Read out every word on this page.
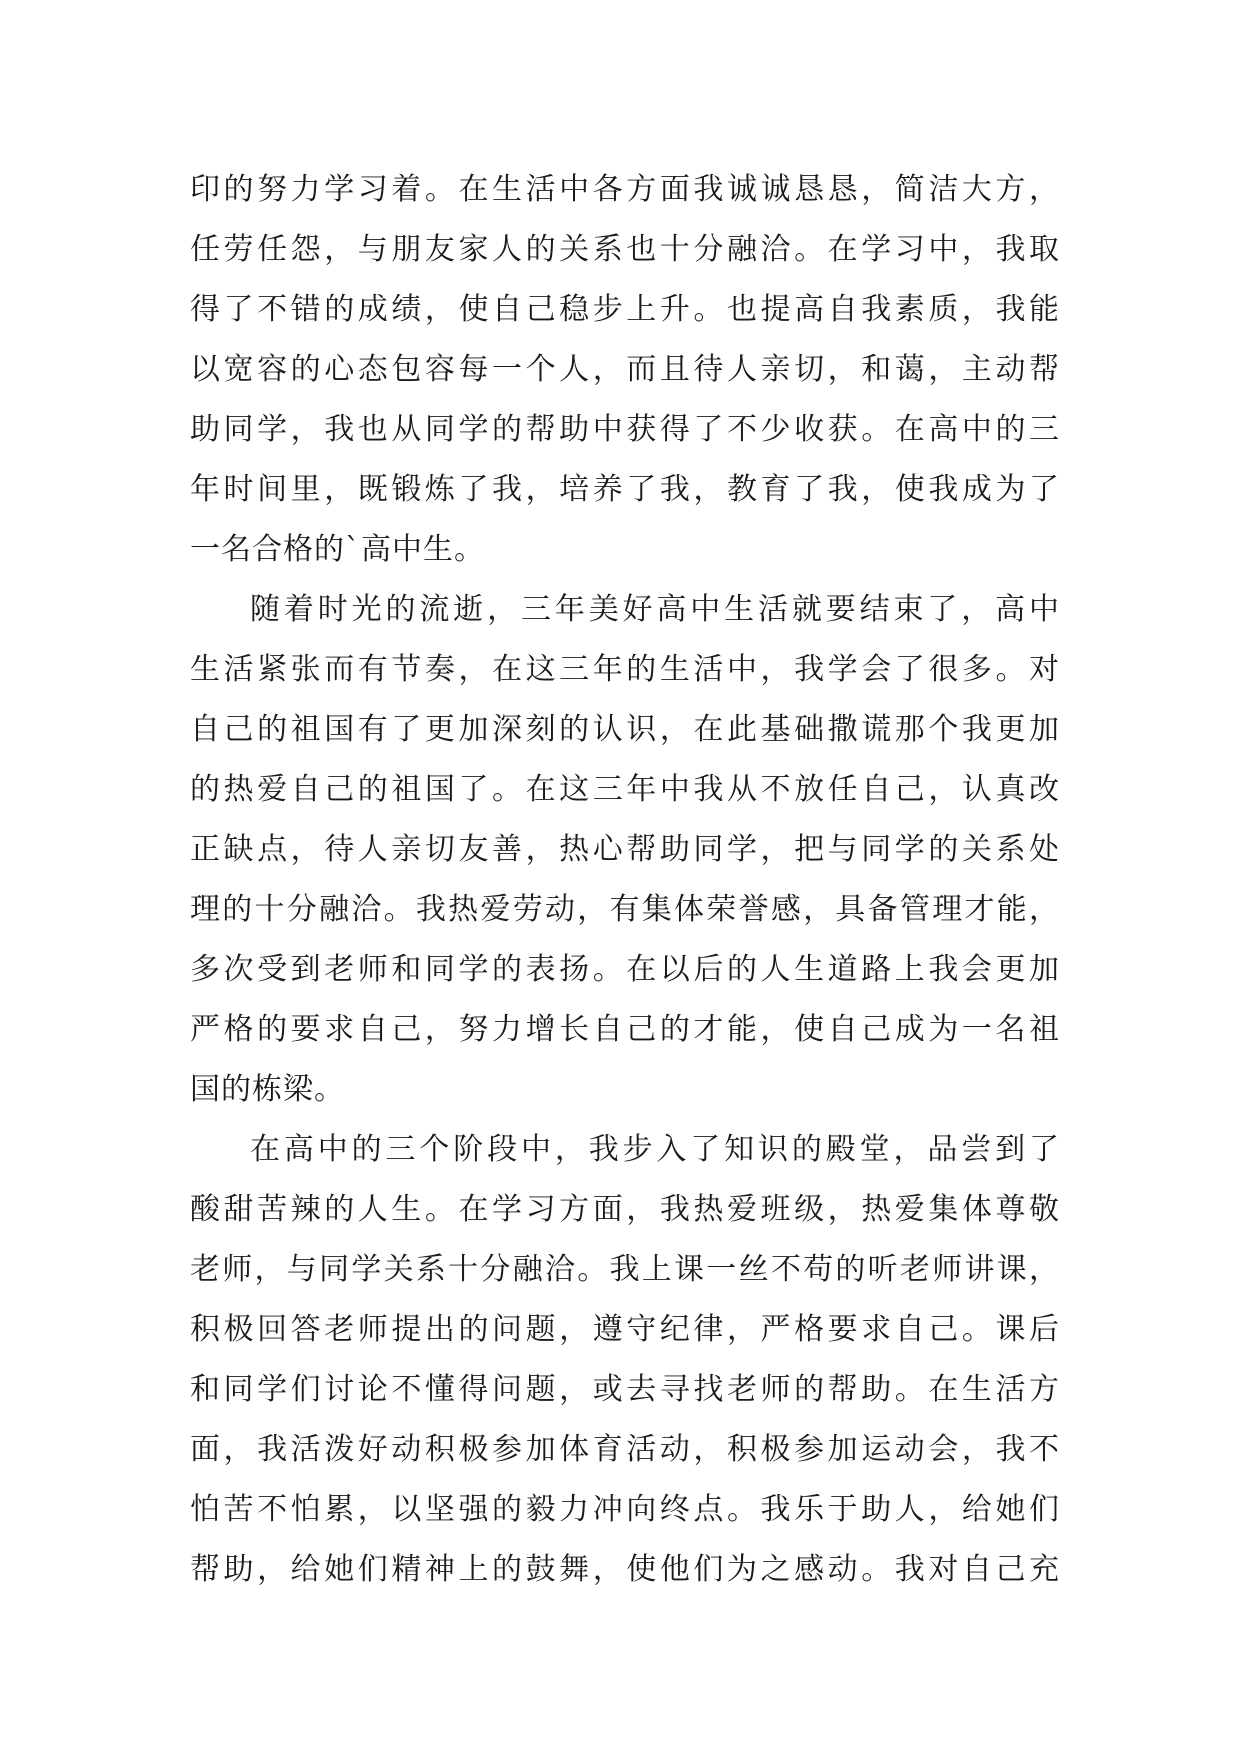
印的努力学习着。在生活中各方面我诚诚恳恳，简洁大方，
任劳任怨，与朋友家人的关系也十分融洽。在学习中，我取
得了不错的成绩，使自己稳步上升。也提高自我素质，我能
以宽容的心态包容每一个人，而且待人亲切，和蔼，主动帮
助同学，我也从同学的帮助中获得了不少收获。在高中的三
年时间里，既锻炼了我，培养了我，教育了我，使我成为了
一名合格的`高中生。
随着时光的流逝，三年美好高中生活就要结束了，高中
生活紧张而有节奏，在这三年的生活中，我学会了很多。对
自己的祖国有了更加深刻的认识，在此基础撒谎那个我更加
的热爱自己的祖国了。在这三年中我从不放任自己，认真改
正缺点，待人亲切友善，热心帮助同学，把与同学的关系处
理的十分融洽。我热爱劳动，有集体荣誉感，具备管理才能，
多次受到老师和同学的表扬。在以后的人生道路上我会更加
严格的要求自己，努力增长自己的才能，使自己成为一名祖
国的栋梁。
在高中的三个阶段中，我步入了知识的殿堂，品尝到了
酸甜苦辣的人生。在学习方面，我热爱班级，热爱集体尊敬
老师，与同学关系十分融洽。我上课一丝不苟的听老师讲课，
积极回答老师提出的问题，遵守纪律，严格要求自己。课后
和同学们讨论不懂得问题，或去寻找老师的帮助。在生活方
面，我活泼好动积极参加体育活动，积极参加运动会，我不
怕苦不怕累，以坚强的毅力冲向终点。我乐于助人，给她们
帮助，给她们精神上的鼓舞，使他们为之感动。我对自己充
